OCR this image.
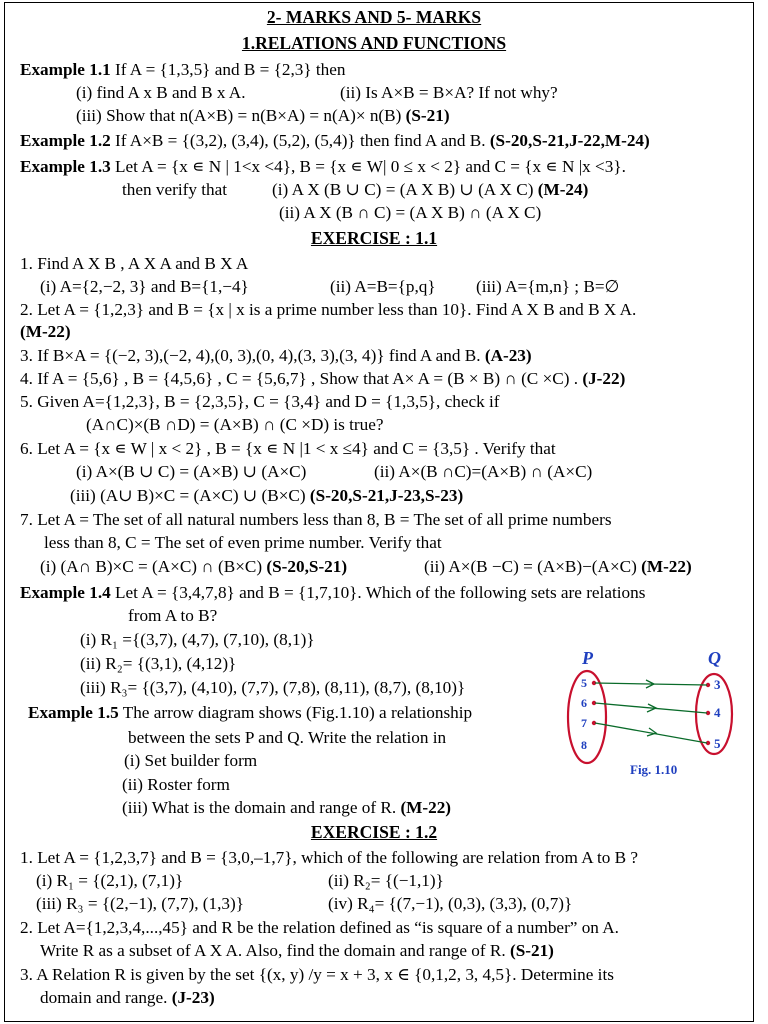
2- MARKS AND 5- MARKS
1.RELATIONS AND FUNCTIONS
Example 1.1 If A = {1,3,5} and B = {2,3} then
(i) find A x B and B x A.	(ii) Is A×B = B×A? If not why?
(iii) Show that n(A×B) = n(B×A) = n(A)× n(B) (S-21)
Example 1.2 If A×B = {(3,2), (3,4), (5,2), (5,4)} then find A and B. (S-20,S-21,J-22,M-24)
Example 1.3 Let A = {x ∊ N | 1<x <4}, B = {x ∊ W| 0 ≤ x < 2} and C = {x ∊ N |x <3}.
then verify that	(i) A X (B ∪ C) = (A X B) ∪ (A X C) (M-24)
(ii) A X (B ∩ C) = (A X B) ∩ (A X C)
EXERCISE : 1.1
1. Find A X B , A X A and B X A
(i) A={2,−2, 3} and B={1,−4}	(ii) A=B={p,q} (iii) A={m,n} ; B=∅
2. Let A = {1,2,3} and B = {x | x is a prime number less than 10}. Find A X B and B X A.
(M-22)
3. If B×A = {(−2, 3),(−2, 4),(0, 3),(0, 4),(3, 3),(3, 4)} find A and B. (A-23)
4. If A = {5,6} , B = {4,5,6} , C = {5,6,7} , Show that A× A = (B × B) ∩ (C ×C) . (J-22)
5. Given A={1,2,3}, B = {2,3,5}, C = {3,4} and D = {1,3,5}, check if
(A∩C)×(B ∩D) = (A×B) ∩ (C ×D) is true?
6. Let A = {x ∊ W | x < 2} , B = {x ∊ N |1 < x ≤4} and C = {3,5} . Verify that
(i) A×(B ∪ C) = (A×B) ∪ (A×C)	(ii) A×(B ∩C)=(A×B) ∩ (A×C)
(iii) (A∪ B)×C = (A×C) ∪ (B×C) (S-20,S-21,J-23,S-23)
7. Let A = The set of all natural numbers less than 8, B = The set of all prime numbers
less than 8, C = The set of even prime number. Verify that
(i) (A∩ B)×C = (A×C) ∩ (B×C) (S-20,S-21)	(ii) A×(B −C) = (A×B)−(A×C) (M-22)
Example 1.4 Let A = {3,4,7,8} and B = {1,7,10}. Which of the following sets are relations
from A to B?
(i) R₁ ={(3,7), (4,7), (7,10), (8,1)}
(ii) R₂= {(3,1), (4,12)}
(iii) R₃= {(3,7), (4,10), (7,7), (7,8), (8,11), (8,7), (8,10)}
Example 1.5 The arrow diagram shows (Fig.1.10) a relationship
between the sets P and Q. Write the relation in
(i) Set builder form
(ii) Roster form
(iii) What is the domain and range of R. (M-22)
P	Q
5
6
7
8
3
4
5
Fig. 1.10
EXERCISE : 1.2
1. Let A = {1,2,3,7} and B = {3,0,–1,7}, which of the following are relation from A to B ?
(i) R₁ = {(2,1), (7,1)}	(ii) R₂= {(−1,1)}
(iii) R₃ = {(2,−1), (7,7), (1,3)}	(iv) R₄= {(7,−1), (0,3), (3,3), (0,7)}
2. Let A={1,2,3,4,...,45} and R be the relation defined as “is square of a number” on A.
Write R as a subset of A X A. Also, find the domain and range of R. (S-21)
3. A Relation R is given by the set {(x, y) /y = x + 3, x ∈ {0,1,2, 3, 4,5}. Determine its
domain and range. (J-23)
